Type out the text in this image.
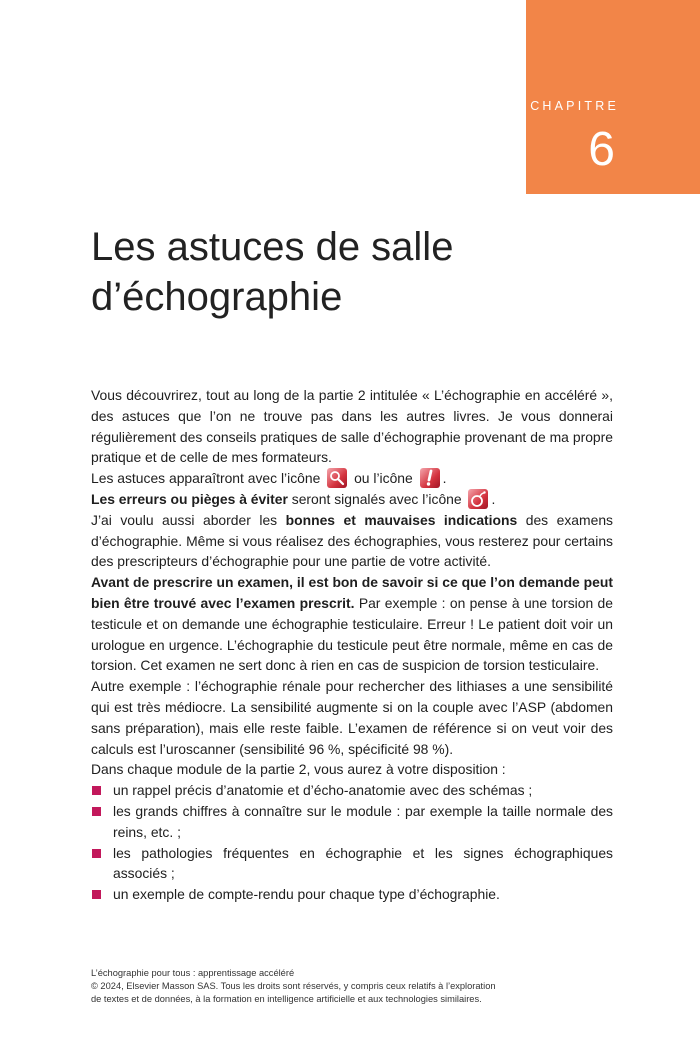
CHAPITRE
6
Les astuces de salle d’échographie

Vous découvrirez, tout au long de la partie 2 intitulée « L’échographie en accéléré », des astuces que l’on ne trouve pas dans les autres livres. Je vous donnerai régulièrement des conseils pratiques de salle d’échographie provenant de ma propre pratique et de celle de mes formateurs.

Les astuces apparaîtront avec l’icône ou l’icône .

Les erreurs ou pièges à éviter seront signalés avec l’icône .

J’ai voulu aussi aborder les bonnes et mauvaises indications des examens d’échographie. Même si vous réalisez des échographies, vous resterez pour certains des prescripteurs d’échographie pour une partie de votre activité.

Avant de prescrire un examen, il est bon de savoir si ce que l’on demande peut bien être trouvé avec l’examen prescrit. Par exemple : on pense à une torsion de testicule et on demande une échographie testiculaire. Erreur ! Le patient doit voir un urologue en urgence. L’échographie du testicule peut être normale, même en cas de torsion. Cet examen ne sert donc à rien en cas de suspicion de torsion testiculaire.

Autre exemple : l’échographie rénale pour rechercher des lithiases a une sensibilité qui est très médiocre. La sensibilité augmente si on la couple avec l’ASP (abdomen sans préparation), mais elle reste faible. L’examen de référence si on veut voir des calculs est l’uroscanner (sensibilité 96 %, spécificité 98 %).

Dans chaque module de la partie 2, vous aurez à votre disposition :

un rappel précis d’anatomie et d’écho-anatomie avec des schémas ;
les grands chiffres à connaître sur le module : par exemple la taille normale des reins, etc. ;
les pathologies fréquentes en échographie et les signes échographiques associés ;
un exemple de compte-rendu pour chaque type d’échographie.
L’échographie pour tous : apprentissage accéléré
© 2024, Elsevier Masson SAS. Tous les droits sont réservés, y compris ceux relatifs à l’exploration
de textes et de données, à la formation en intelligence artificielle et aux technologies similaires.
